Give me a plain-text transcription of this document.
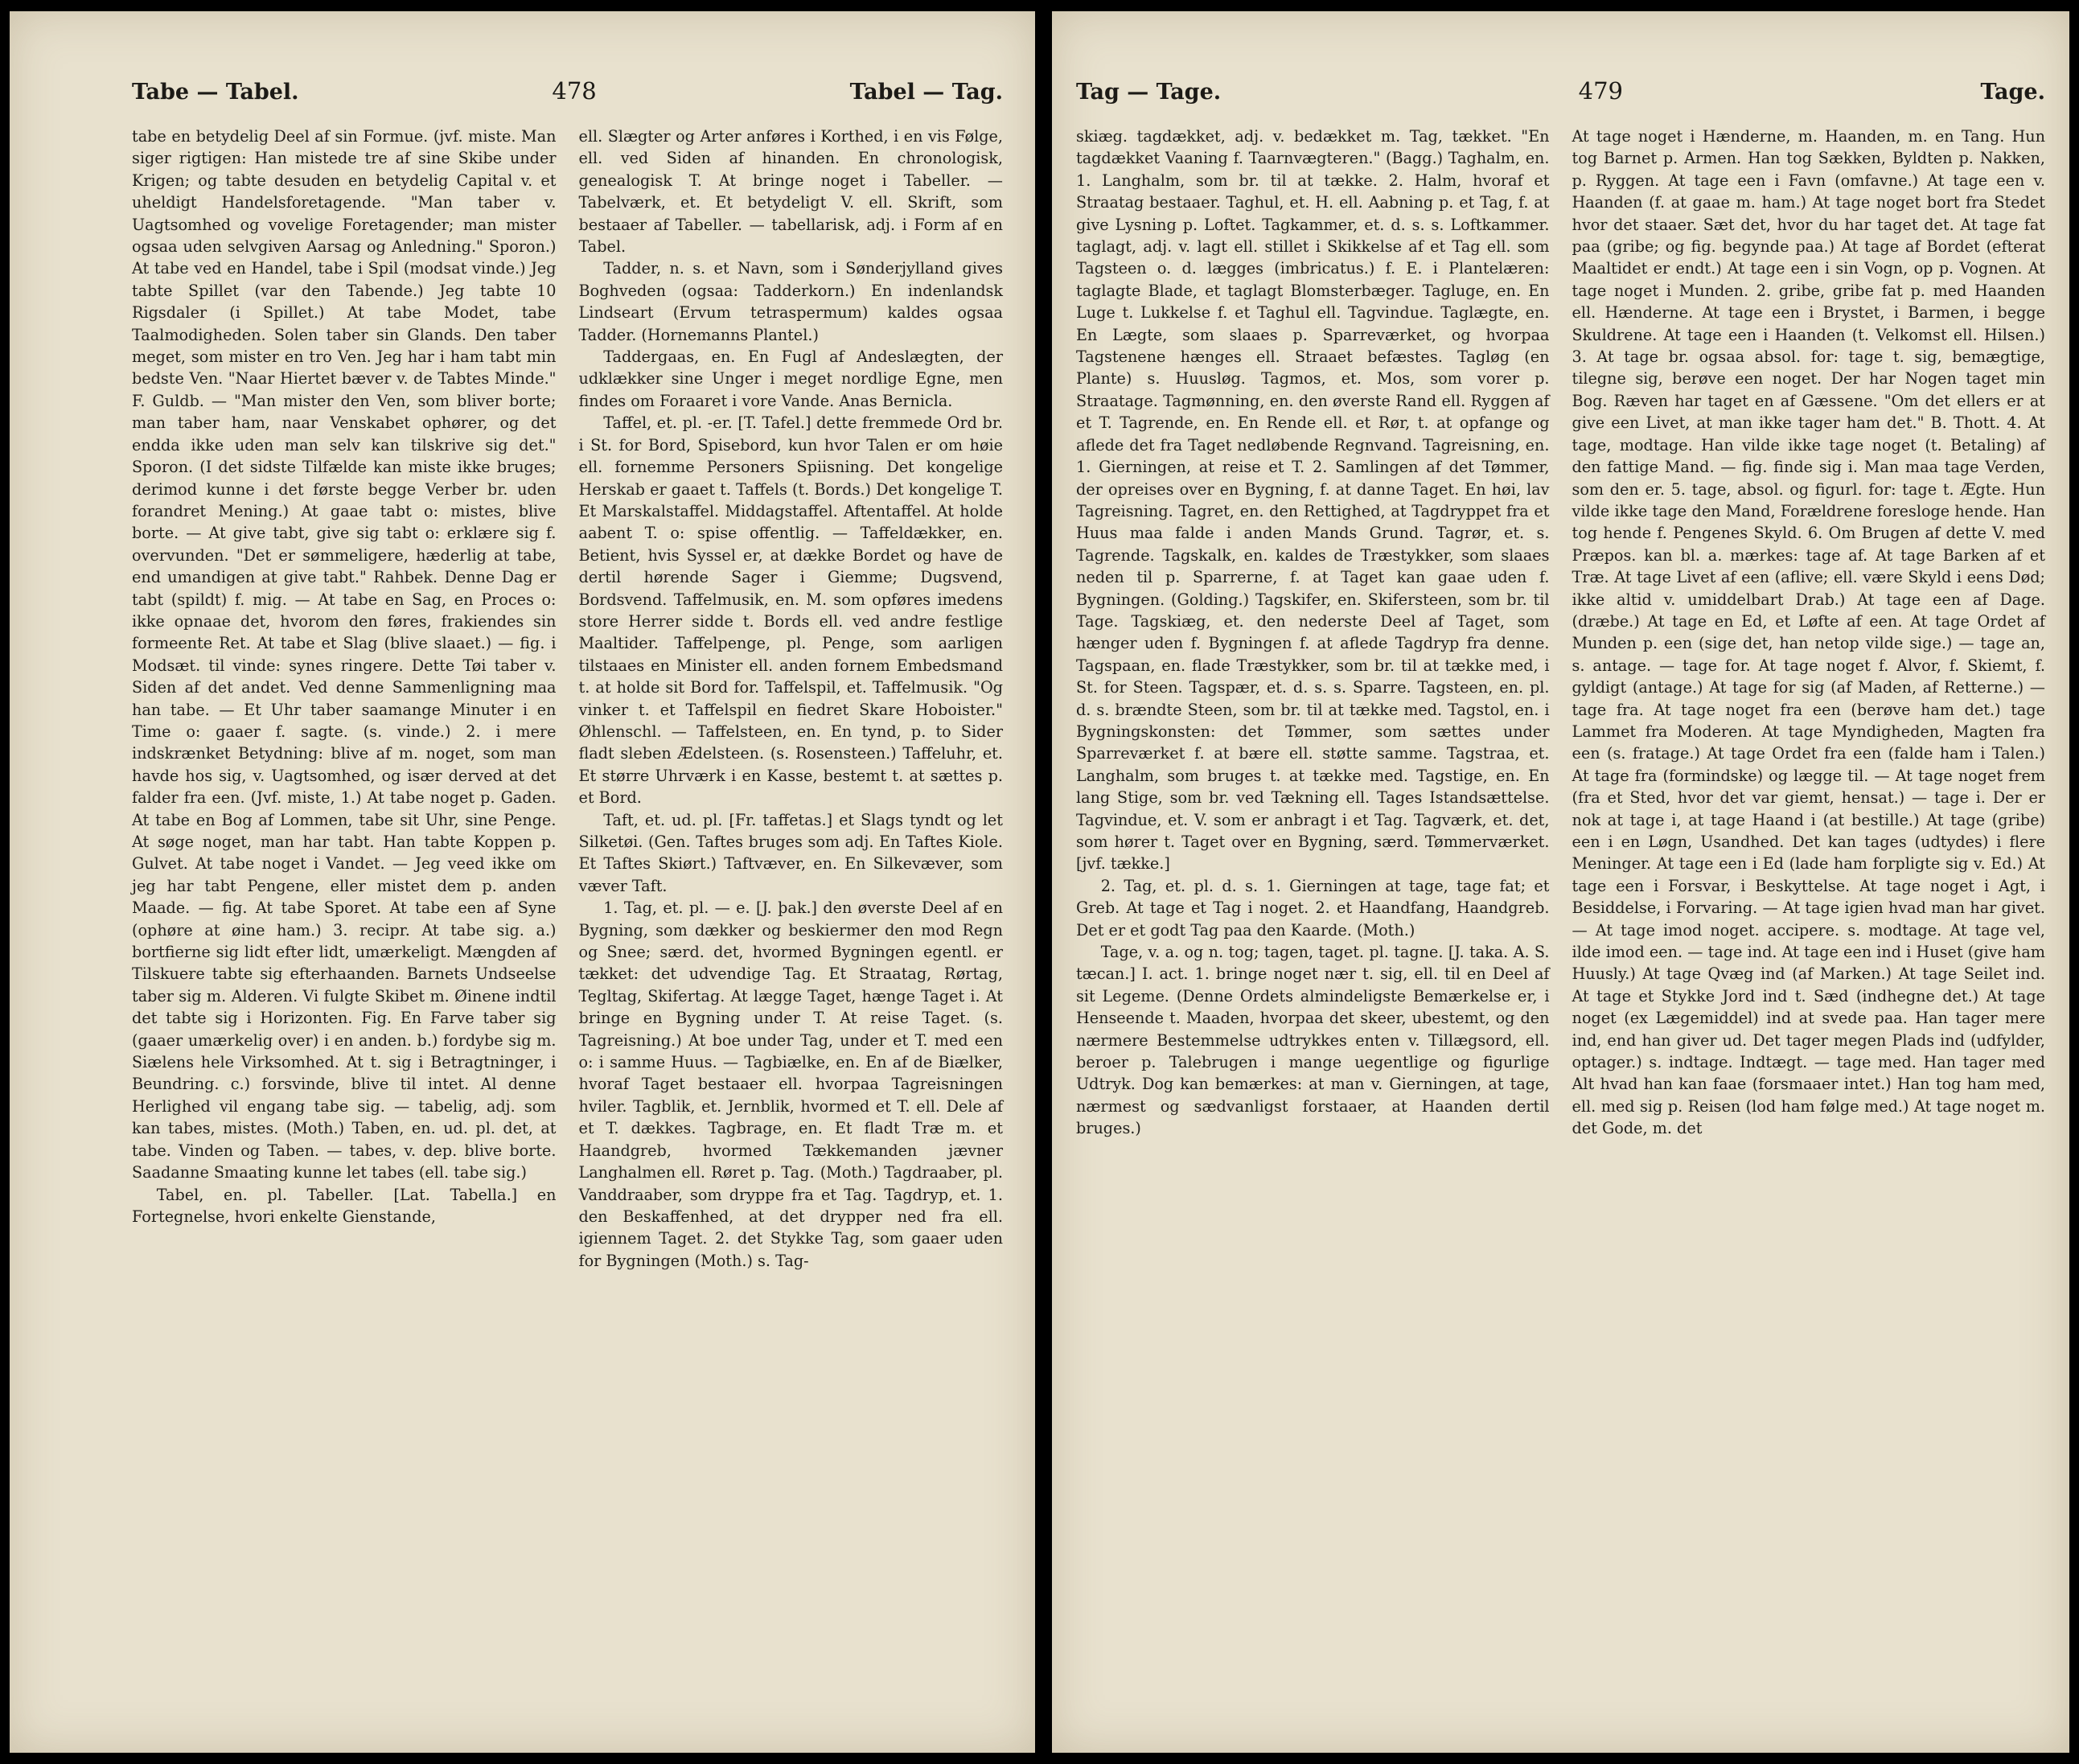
Tabe — Tabel.	478	Tabel — Tag.

tabe en betydelig Deel af sin Formue. (jvf. miste. Man siger rigtigen: Han mistede tre af sine Skibe under Krigen; og tabte desuden en betydelig Capital v. et uheldigt Handelsforetagende. "Man taber v. Uagtsomhed og vovelige Foretagender; man mister ogsaa uden selvgiven Aarsag og Anledning." Sporon.) At tabe ved en Handel, tabe i Spil (modsat vinde.) Jeg tabte Spillet (var den Tabende.) Jeg tabte 10 Rigsdaler (i Spillet.) At tabe Modet, tabe Taalmodigheden. Solen taber sin Glands. Den taber meget, som mister en tro Ven. Jeg har i ham tabt min bedste Ven. "Naar Hiertet bæver v. de Tabtes Minde." F. Guldb. — "Man mister den Ven, som bliver borte; man taber ham, naar Venskabet ophører, og det endda ikke uden man selv kan tilskrive sig det." Sporon. (I det sidste Tilfælde kan miste ikke bruges; derimod kunne i det første begge Verber br. uden forandret Mening.) At gaae tabt o: mistes, blive borte. — At give tabt, give sig tabt o: erklære sig f. overvunden. "Det er sømmeligere, hæderlig at tabe, end umandigen at give tabt." Rahbek. Denne Dag er tabt (spildt) f. mig. — At tabe en Sag, en Proces o: ikke opnaae det, hvorom den føres, frakiendes sin formeente Ret. At tabe et Slag (blive slaaet.) — fig. i Modsæt. til vinde: synes ringere. Dette Tøi taber v. Siden af det andet. Ved denne Sammenligning maa han tabe. — Et Uhr taber saamange Minuter i en Time o: gaaer f. sagte. (s. vinde.) 2. i mere indskrænket Betydning: blive af m. noget, som man havde hos sig, v. Uagtsomhed, og især derved at det falder fra een. (Jvf. miste, 1.) At tabe noget p. Gaden. At tabe en Bog af Lommen, tabe sit Uhr, sine Penge. At søge noget, man har tabt. Han tabte Koppen p. Gulvet. At tabe noget i Vandet. — Jeg veed ikke om jeg har tabt Pengene, eller mistet dem p. anden Maade. — fig. At tabe Sporet. At tabe een af Syne (ophøre at øine ham.) 3. recipr. At tabe sig. a.) bortfierne sig lidt efter lidt, umærkeligt. Mængden af Tilskuere tabte sig efterhaanden. Barnets Undseelse taber sig m. Alderen. Vi fulgte Skibet m. Øinene indtil det tabte sig i Horizonten. Fig. En Farve taber sig (gaaer umærkelig over) i en anden. b.) fordybe sig m. Siælens hele Virksomhed. At t. sig i Betragtninger, i Beundring. c.) forsvinde, blive til intet. Al denne Herlighed vil engang tabe sig. — tabelig, adj. som kan tabes, mistes. (Moth.) Taben, en. ud. pl. det, at tabe. Vinden og Taben. — tabes, v. dep. blive borte. Saadanne Smaating kunne let tabes (ell. tabe sig.)

Tabel, en. pl. Tabeller. [Lat. Tabella.] en Fortegnelse, hvori enkelte Gienstande,

ell. Slægter og Arter anføres i Korthed, i en vis Følge, ell. ved Siden af hinanden. En chronologisk, genealogisk T. At bringe noget i Tabeller. — Tabelværk, et. Et betydeligt V. ell. Skrift, som bestaaer af Tabeller. — tabellarisk, adj. i Form af en Tabel.

Tadder, n. s. et Navn, som i Sønderjylland gives Boghveden (ogsaa: Tadderkorn.) En indenlandsk Lindseart (Ervum tetraspermum) kaldes ogsaa Tadder. (Hornemanns Plantel.)

Taddergaas, en. En Fugl af Andeslægten, der udklækker sine Unger i meget nordlige Egne, men findes om Foraaret i vore Vande. Anas Bernicla.

Taffel, et. pl. -er. [T. Tafel.] dette fremmede Ord br. i St. for Bord, Spisebord, kun hvor Talen er om høie ell. fornemme Personers Spiisning. Det kongelige Herskab er gaaet t. Taffels (t. Bords.) Det kongelige T. Et Marskalstaffel. Middagstaffel. Aftentaffel. At holde aabent T. o: spise offentlig. — Taffeldækker, en. Betient, hvis Syssel er, at dække Bordet og have de dertil hørende Sager i Giemme; Dugsvend, Bordsvend. Taffelmusik, en. M. som opføres imedens store Herrer sidde t. Bords ell. ved andre festlige Maaltider. Taffelpenge, pl. Penge, som aarligen tilstaaes en Minister ell. anden fornem Embedsmand t. at holde sit Bord for. Taffelspil, et. Taffelmusik. "Og vinker t. et Taffelspil en fiedret Skare Hoboister." Øhlenschl. — Taffelsteen, en. En tynd, p. to Sider fladt sleben Ædelsteen. (s. Rosensteen.) Taffeluhr, et. Et større Uhrværk i en Kasse, bestemt t. at sættes p. et Bord.

Taft, et. ud. pl. [Fr. taffetas.] et Slags tyndt og let Silketøi. (Gen. Taftes bruges som adj. En Taftes Kiole. Et Taftes Skiørt.) Taftvæver, en. En Silkevæver, som væver Taft.

1. Tag, et. pl. — e. [J. þak.] den øverste Deel af en Bygning, som dækker og beskiermer den mod Regn og Snee; særd. det, hvormed Bygningen egentl. er tækket: det udvendige Tag. Et Straatag, Rørtag, Tegltag, Skifertag. At lægge Taget, hænge Taget i. At bringe en Bygning under T. At reise Taget. (s. Tagreisning.) At boe under Tag, under et T. med een o: i samme Huus. — Tagbiælke, en. En af de Biælker, hvoraf Taget bestaaer ell. hvorpaa Tagreisningen hviler. Tagblik, et. Jernblik, hvormed et T. ell. Dele af et T. dækkes. Tagbrage, en. Et fladt Træ m. et Haandgreb, hvormed Tækkemanden jævner Langhalmen ell. Røret p. Tag. (Moth.) Tagdraaber, pl. Vanddraaber, som dryppe fra et Tag. Tagdryp, et. 1. den Beskaffenhed, at det drypper ned fra ell. igiennem Taget. 2. det Stykke Tag, som gaaer uden for Bygningen (Moth.) s. Tag-

Tag — Tage.	479	Tage.

skiæg. tagdækket, adj. v. bedækket m. Tag, tækket. "En tagdækket Vaaning f. Taarnvægteren." (Bagg.) Taghalm, en. 1. Langhalm, som br. til at tække. 2. Halm, hvoraf et Straatag bestaaer. Taghul, et. H. ell. Aabning p. et Tag, f. at give Lysning p. Loftet. Tagkammer, et. d. s. s. Loftkammer. taglagt, adj. v. lagt ell. stillet i Skikkelse af et Tag ell. som Tagsteen o. d. lægges (imbricatus.) f. E. i Plantelæren: taglagte Blade, et taglagt Blomsterbæger. Tagluge, en. En Luge t. Lukkelse f. et Taghul ell. Tagvindue. Taglægte, en. En Lægte, som slaaes p. Sparreværket, og hvorpaa Tagstenene hænges ell. Straaet befæstes. Tagløg (en Plante) s. Huusløg. Tagmos, et. Mos, som vorer p. Straatage. Tagmønning, en. den øverste Rand ell. Ryggen af et T. Tagrende, en. En Rende ell. et Rør, t. at opfange og aflede det fra Taget nedløbende Regnvand. Tagreisning, en. 1. Gierningen, at reise et T. 2. Samlingen af det Tømmer, der opreises over en Bygning, f. at danne Taget. En høi, lav Tagreisning. Tagret, en. den Rettighed, at Tagdryppet fra et Huus maa falde i anden Mands Grund. Tagrør, et. s. Tagrende. Tagskalk, en. kaldes de Træstykker, som slaaes neden til p. Sparrerne, f. at Taget kan gaae uden f. Bygningen. (Golding.) Tagskifer, en. Skifersteen, som br. til Tage. Tagskiæg, et. den nederste Deel af Taget, som hænger uden f. Bygningen f. at aflede Tagdryp fra denne. Tagspaan, en. flade Træstykker, som br. til at tække med, i St. for Steen. Tagspær, et. d. s. s. Sparre. Tagsteen, en. pl. d. s. brændte Steen, som br. til at tække med. Tagstol, en. i Bygningskonsten: det Tømmer, som sættes under Sparreværket f. at bære ell. støtte samme. Tagstraa, et. Langhalm, som bruges t. at tække med. Tagstige, en. En lang Stige, som br. ved Tækning ell. Tages Istandsættelse. Tagvindue, et. V. som er anbragt i et Tag. Tagværk, et. det, som hører t. Taget over en Bygning, særd. Tømmerværket. [jvf. tække.]

2. Tag, et. pl. d. s. 1. Gierningen at tage, tage fat; et Greb. At tage et Tag i noget. 2. et Haandfang, Haandgreb. Det er et godt Tag paa den Kaarde. (Moth.)

Tage, v. a. og n. tog; tagen, taget. pl. tagne. [J. taka. A. S. tæcan.] I. act. 1. bringe noget nær t. sig, ell. til en Deel af sit Legeme. (Denne Ordets almindeligste Bemærkelse er, i Henseende t. Maaden, hvorpaa det skeer, ubestemt, og den nærmere Bestemmelse udtrykkes enten v. Tillægsord, ell. beroer p. Talebrugen i mange uegentlige og figurlige Udtryk. Dog kan bemærkes: at man v. Gierningen, at tage, nærmest og sædvanligst forstaaer, at Haanden dertil bruges.)

At tage noget i Hænderne, m. Haanden, m. en Tang. Hun tog Barnet p. Armen. Han tog Sækken, Byldten p. Nakken, p. Ryggen. At tage een i Favn (omfavne.) At tage een v. Haanden (f. at gaae m. ham.) At tage noget bort fra Stedet hvor det staaer. Sæt det, hvor du har taget det. At tage fat paa (gribe; og fig. begynde paa.) At tage af Bordet (efterat Maaltidet er endt.) At tage een i sin Vogn, op p. Vognen. At tage noget i Munden. 2. gribe, gribe fat p. med Haanden ell. Hænderne. At tage een i Brystet, i Barmen, i begge Skuldrene. At tage een i Haanden (t. Velkomst ell. Hilsen.) 3. At tage br. ogsaa absol. for: tage t. sig, bemægtige, tilegne sig, berøve een noget. Der har Nogen taget min Bog. Ræven har taget en af Gæssene. "Om det ellers er at give een Livet, at man ikke tager ham det." B. Thott. 4. At tage, modtage. Han vilde ikke tage noget (t. Betaling) af den fattige Mand. — fig. finde sig i. Man maa tage Verden, som den er. 5. tage, absol. og figurl. for: tage t. Ægte. Hun vilde ikke tage den Mand, Forældrene foresloge hende. Han tog hende f. Pengenes Skyld. 6. Om Brugen af dette V. med Præpos. kan bl. a. mærkes: tage af. At tage Barken af et Træ. At tage Livet af een (aflive; ell. være Skyld i eens Død; ikke altid v. umiddelbart Drab.) At tage een af Dage. (dræbe.) At tage en Ed, et Løfte af een. At tage Ordet af Munden p. een (sige det, han netop vilde sige.) — tage an, s. antage. — tage for. At tage noget f. Alvor, f. Skiemt, f. gyldigt (antage.) At tage for sig (af Maden, af Retterne.) — tage fra. At tage noget fra een (berøve ham det.) tage Lammet fra Moderen. At tage Myndigheden, Magten fra een (s. fratage.) At tage Ordet fra een (falde ham i Talen.) At tage fra (formindske) og lægge til. — At tage noget frem (fra et Sted, hvor det var giemt, hensat.) — tage i. Der er nok at tage i, at tage Haand i (at bestille.) At tage (gribe) een i en Løgn, Usandhed. Det kan tages (udtydes) i flere Meninger. At tage een i Ed (lade ham forpligte sig v. Ed.) At tage een i Forsvar, i Beskyttelse. At tage noget i Agt, i Besiddelse, i Forvaring. — At tage igien hvad man har givet. — At tage imod noget. accipere. s. modtage. At tage vel, ilde imod een. — tage ind. At tage een ind i Huset (give ham Huusly.) At tage Qvæg ind (af Marken.) At tage Seilet ind. At tage et Stykke Jord ind t. Sæd (indhegne det.) At tage noget (ex Lægemiddel) ind at svede paa. Han tager mere ind, end han giver ud. Det tager megen Plads ind (udfylder, optager.) s. indtage. Indtægt. — tage med. Han tager med Alt hvad han kan faae (forsmaaer intet.) Han tog ham med, ell. med sig p. Reisen (lod ham følge med.) At tage noget m. det Gode, m. det
